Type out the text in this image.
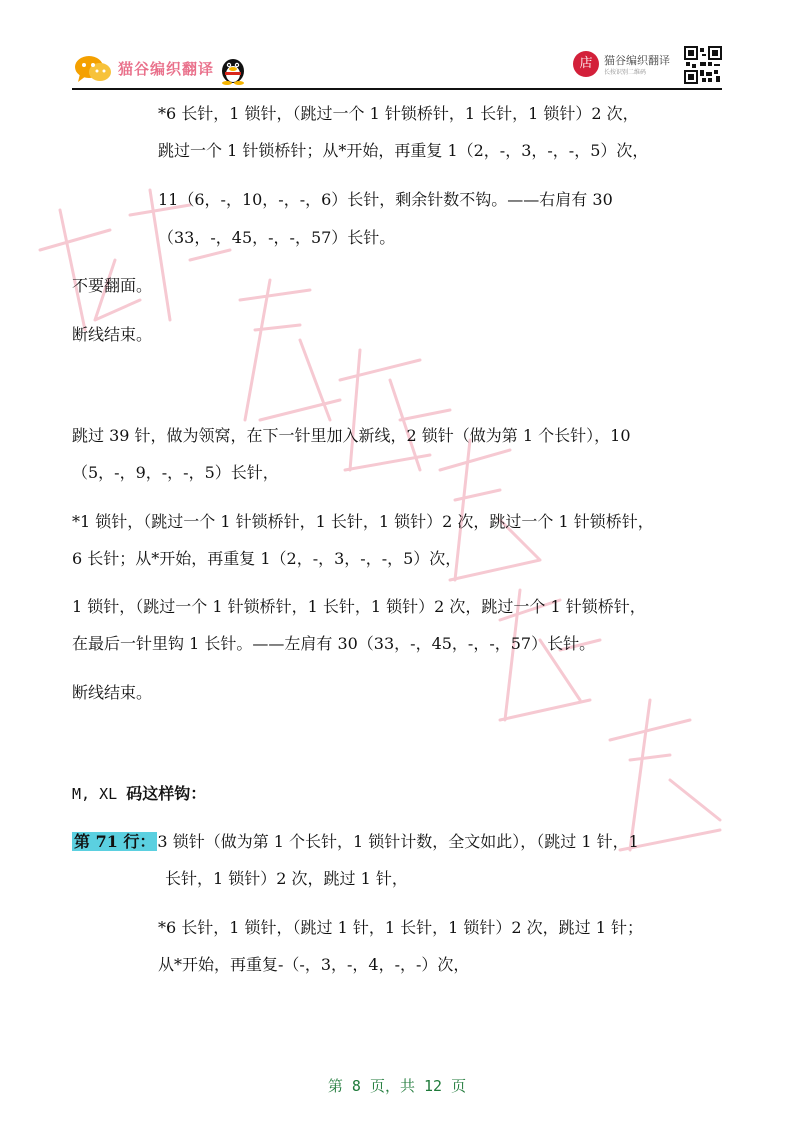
猫谷编织翻译	店	猫谷编织翻译
长按识别二维码
*6 长针，1 锁针，（跳过一个 1 针锁桥针，1 长针，1 锁针）2 次，
跳过一个 1 针锁桥针；从*开始，再重复 1（2，-，3，-，-，5）次，
11（6，-，10，-，-，6）长针，剩余针数不钩。——右肩有 30
（33，-，45，-，-，57）长针。
不要翻面。
断线结束。
跳过 39 针，做为领窝，在下一针里加入新线，2 锁针（做为第 1 个长针），10
（5，-，9，-，-，5）长针，
*1 锁针，（跳过一个 1 针锁桥针，1 长针，1 锁针）2 次，跳过一个 1 针锁桥针，
6 长针；从*开始，再重复 1（2，-，3，-，-，5）次，
1 锁针，（跳过一个 1 针锁桥针，1 长针，1 锁针）2 次，跳过一个 1 针锁桥针，
在最后一针里钩 1 长针。——左肩有 30（33，-，45，-，-，57）长针。
断线结束。
M, XL 码这样钩：
第 71 行： 3 锁针（做为第 1 个长针，1 锁针计数，全文如此），（跳过 1 针，1
长针，1 锁针）2 次，跳过 1 针，
*6 长针，1 锁针，（跳过 1 针，1 长针，1 锁针）2 次，跳过 1 针；
从*开始，再重复-（-，3，-，4，-，-）次，
第 8 页，共 12 页
